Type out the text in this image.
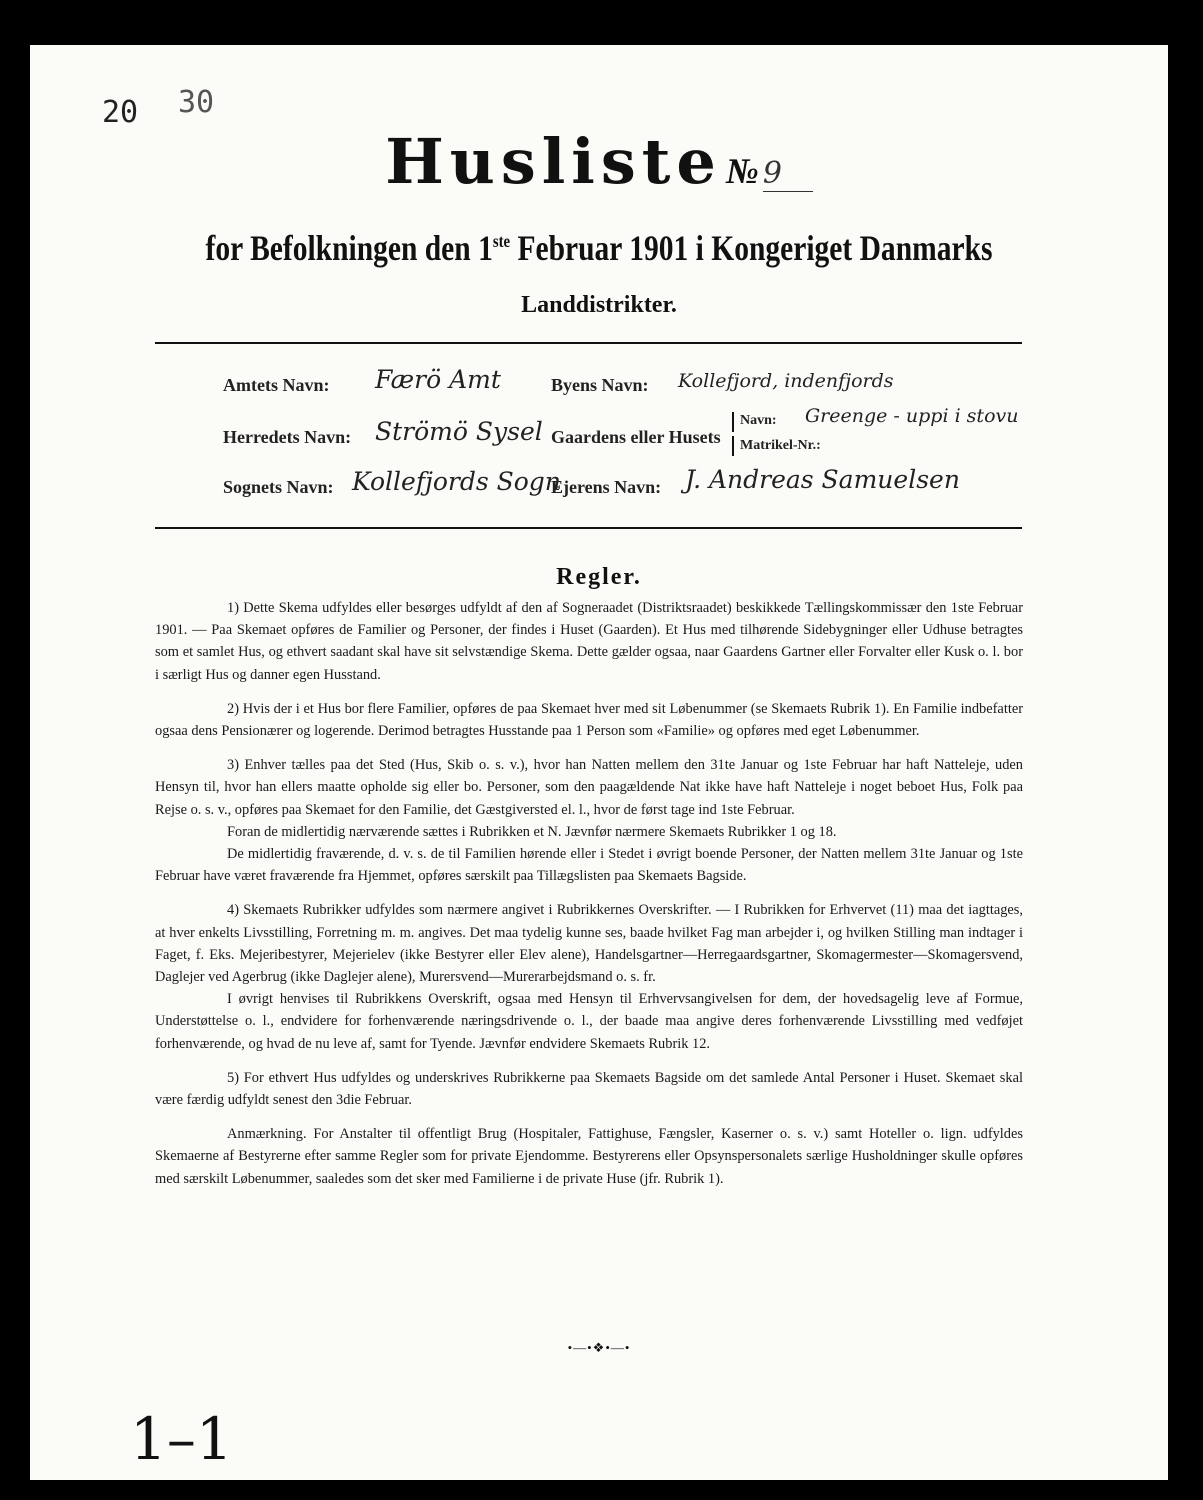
20 30
Husliste № 9
for Befolkningen den 1ste Februar 1901 i Kongeriget Danmarks
Landdistrikter.
Amtets Navn: Færö Amt	Byens Navn: Kollefjord, indenfjords
Herredets Navn: Strömö Sysel Gaardens eller Husets
Navn: Greenge - uppi i stovu
Matrikel-Nr.:
Sognets Navn: Kollefjords Sogn
Ejerens Navn: J. Andreas Samuelsen
Regler.

1) Dette Skema udfyldes eller besørges udfyldt af den af Sogneraadet (Distriktsraadet) beskikkede Tællingskommissær den 1ste Februar 1901. — Paa Skemaet opføres de Familier og Personer, der findes i Huset (Gaarden). Et Hus med tilhørende Sidebygninger eller Udhuse betragtes som et samlet Hus, og ethvert saadant skal have sit selvstændige Skema. Dette gælder ogsaa, naar Gaardens Gartner eller Forvalter eller Kusk o. l. bor i særligt Hus og danner egen Husstand.

2) Hvis der i et Hus bor flere Familier, opføres de paa Skemaet hver med sit Løbenummer (se Skemaets Rubrik 1). En Familie indbefatter ogsaa dens Pensionærer og logerende. Derimod betragtes Husstande paa 1 Person som «Familie» og opføres med eget Løbenummer.

3) Enhver tælles paa det Sted (Hus, Skib o. s. v.), hvor han Natten mellem den 31te Januar og 1ste Februar har haft Natteleje, uden Hensyn til, hvor han ellers maatte opholde sig eller bo. Personer, som den paagældende Nat ikke have haft Natteleje i noget beboet Hus, Folk paa Rejse o. s. v., opføres paa Skemaet for den Familie, det Gæstgiversted el. l., hvor de først tage ind 1ste Februar.

Foran de midlertidig nærværende sættes i Rubrikken et N. Jævnfør nærmere Skemaets Rubrikker 1 og 18.

De midlertidig fraværende, d. v. s. de til Familien hørende eller i Stedet i øvrigt boende Personer, der Natten mellem 31te Januar og 1ste Februar have været fraværende fra Hjemmet, opføres særskilt paa Tillægslisten paa Skemaets Bagside.

4) Skemaets Rubrikker udfyldes som nærmere angivet i Rubrikkernes Overskrifter. — I Rubrikken for Erhvervet (11) maa det iagttages, at hver enkelts Livsstilling, Forretning m. m. angives. Det maa tydelig kunne ses, baade hvilket Fag man arbejder i, og hvilken Stilling man indtager i Faget, f. Eks. Mejeribestyrer, Mejerielev (ikke Bestyrer eller Elev alene), Handelsgartner—Herregaardsgartner, Skomagermester—Skomagersvend, Daglejer ved Agerbrug (ikke Daglejer alene), Murersvend—Murerarbejdsmand o. s. fr.

I øvrigt henvises til Rubrikkens Overskrift, ogsaa med Hensyn til Erhvervsangivelsen for dem, der hovedsagelig leve af Formue, Understøttelse o. l., endvidere for forhenværende næringsdrivende o. l., der baade maa angive deres forhenværende Livsstilling med vedføjet forhenværende, og hvad de nu leve af, samt for Tyende. Jævnfør endvidere Skemaets Rubrik 12.

5) For ethvert Hus udfyldes og underskrives Rubrikkerne paa Skemaets Bagside om det samlede Antal Personer i Huset. Skemaet skal være færdig udfyldt senest den 3die Februar.

Anmærkning. For Anstalter til offentligt Brug (Hospitaler, Fattighuse, Fængsler, Kaserner o. s. v.) samt Hoteller o. lign. udfyldes Skemaerne af Bestyrerne efter samme Regler som for private Ejendomme. Bestyrerens eller Opsynspersonalets særlige Husholdninger skulle opføres med særskilt Løbenummer, saaledes som det sker med Familierne i de private Huse (jfr. Rubrik 1).

•—•❖•—•
1–1
